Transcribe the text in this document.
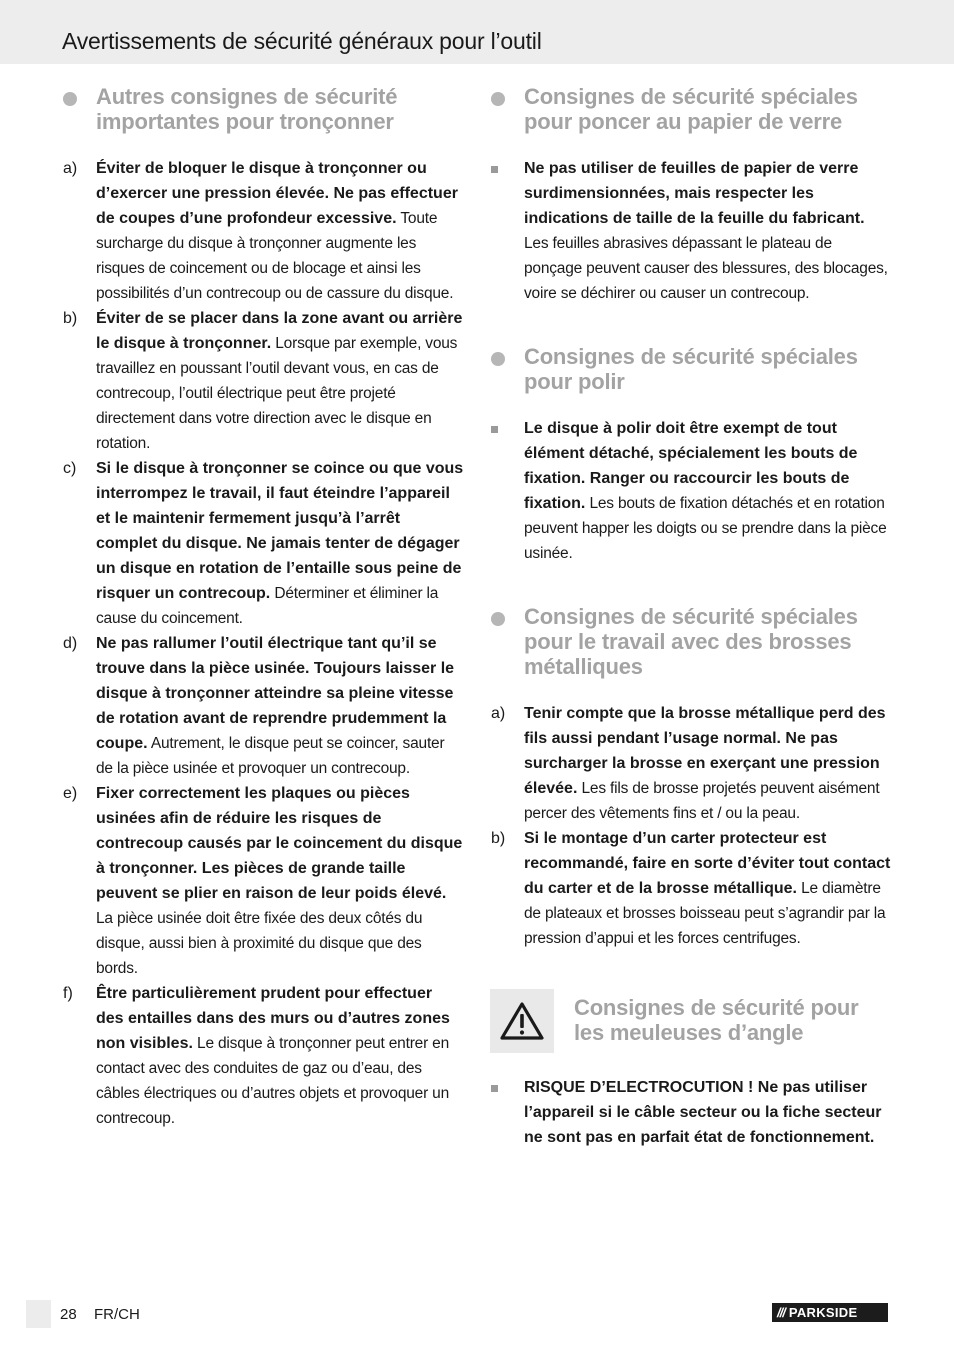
Avertissements de sécurité généraux pour l’outil
Autres consignes de sécurité importantes pour tronçonner
a)	Éviter de bloquer le disque à tronçonner ou d’exercer une pression élevée. Ne pas effectuer de coupes d’une profondeur excessive. Toute surcharge du disque à tronçonner augmente les risques de coincement ou de blocage et ainsi les possibilités d’un contrecoup ou de cassure du disque.
b)	Éviter de se placer dans la zone avant ou arrière le disque à tronçonner. Lorsque par exemple, vous travaillez en poussant l’outil devant vous, en cas de contrecoup, l’outil électrique peut être projeté directement dans votre direction avec le disque en rotation.
c)	Si le disque à tronçonner se coince ou que vous interrompez le travail, il faut éteindre l’appareil et le maintenir fermement jusqu’à l’arrêt complet du disque. Ne jamais tenter de dégager un disque en rotation de l’entaille sous peine de risquer un contrecoup. Déterminer et éliminer la cause du coincement.
d)	Ne pas rallumer l’outil électrique tant qu’il se trouve dans la pièce usinée. Toujours laisser le disque à tronçonner atteindre sa pleine vitesse de rotation avant de reprendre prudemment la coupe. Autrement, le disque peut se coincer, sauter de la pièce usinée et provoquer un contrecoup.
e)	Fixer correctement les plaques ou pièces usinées afin de réduire les risques de contrecoup causés par le coincement du disque à tronçonner. Les pièces de grande taille peuvent se plier en raison de leur poids élevé. La pièce usinée doit être fixée des deux côtés du disque, aussi bien à proximité du disque que des bords.
f)	Être particulièrement prudent pour effectuer des entailles dans des murs ou d’autres zones non visibles. Le disque à tronçonner peut entrer en contact avec des conduites de gaz ou d’eau, des câbles électriques ou d’autres objets et provoquer un contrecoup.
Consignes de sécurité spéciales pour poncer au papier de verre
Ne pas utiliser de feuilles de papier de verre surdimensionnées, mais respecter les indications de taille de la feuille du fabricant. Les feuilles abrasives dépassant le plateau de ponçage peuvent causer des blessures, des blocages, voire se déchirer ou causer un contrecoup.
Consignes de sécurité spéciales pour polir
Le disque à polir doit être exempt de tout élément détaché, spécialement les bouts de fixation. Ranger ou raccourcir les bouts de fixation. Les bouts de fixation détachés et en rotation peuvent happer les doigts ou se prendre dans la pièce usinée.
Consignes de sécurité spéciales pour le travail avec des brosses métalliques
a)	Tenir compte que la brosse métallique perd des fils aussi pendant l’usage normal. Ne pas surcharger la brosse en exerçant une pression élevée. Les fils de brosse projetés peuvent aisément percer des vêtements fins et / ou la peau.
b)	Si le montage d’un carter protecteur est recommandé, faire en sorte d’éviter tout contact du carter et de la brosse métallique. Le diamètre de plateaux et brosses boisseau peut s’agrandir par la pression d’appui et les forces centrifuges.
Consignes de sécurité pour les meuleuses d’angle
RISQUE D’ELECTROCUTION ! Ne pas utiliser l’appareil si le câble secteur ou la fiche secteur ne sont pas en parfait état de fonctionnement.
28 FR/CH	/// PARKSIDE
